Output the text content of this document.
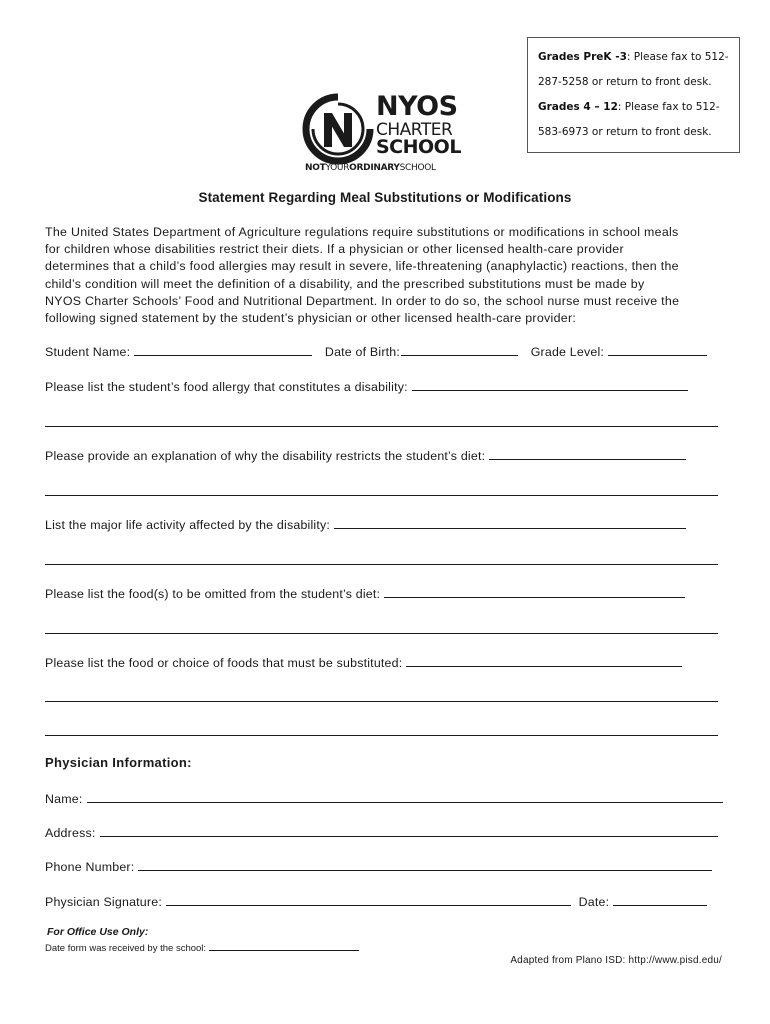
Grades PreK -3: Please fax to 512-

287-5258 or return to front desk.

Grades 4 – 12: Please fax to 512-

583-6973 or return to front desk.

NYOS
CHARTER
SCHOOL
NOTYOURORDINARYSCHOOL
Statement Regarding Meal Substitutions or Modifications
The United States Department of Agriculture regulations require substitutions or modifications in school meals
for children whose disabilities restrict their diets. If a physician or other licensed health-care provider
determines that a child’s food allergies may result in severe, life-threatening (anaphylactic) reactions, then the
child’s condition will meet the definition of a disability, and the prescribed substitutions must be made by
NYOS Charter Schools’ Food and Nutritional Department. In order to do so, the school nurse must receive the
following signed statement by the student’s physician or other licensed health-care provider:
Student Name:	Date of Birth:	Grade Level:
Please list the student’s food allergy that constitutes a disability:
Please provide an explanation of why the disability restricts the student’s diet:
List the major life activity affected by the disability:
Please list the food(s) to be omitted from the student’s diet:
Please list the food or choice of foods that must be substituted:
Physician Information:
Name:
Address:
Phone Number:
Physician Signature:	Date:
For Office Use Only:
Date form was received by the school:
Adapted from Plano ISD: http://www.pisd.edu/
